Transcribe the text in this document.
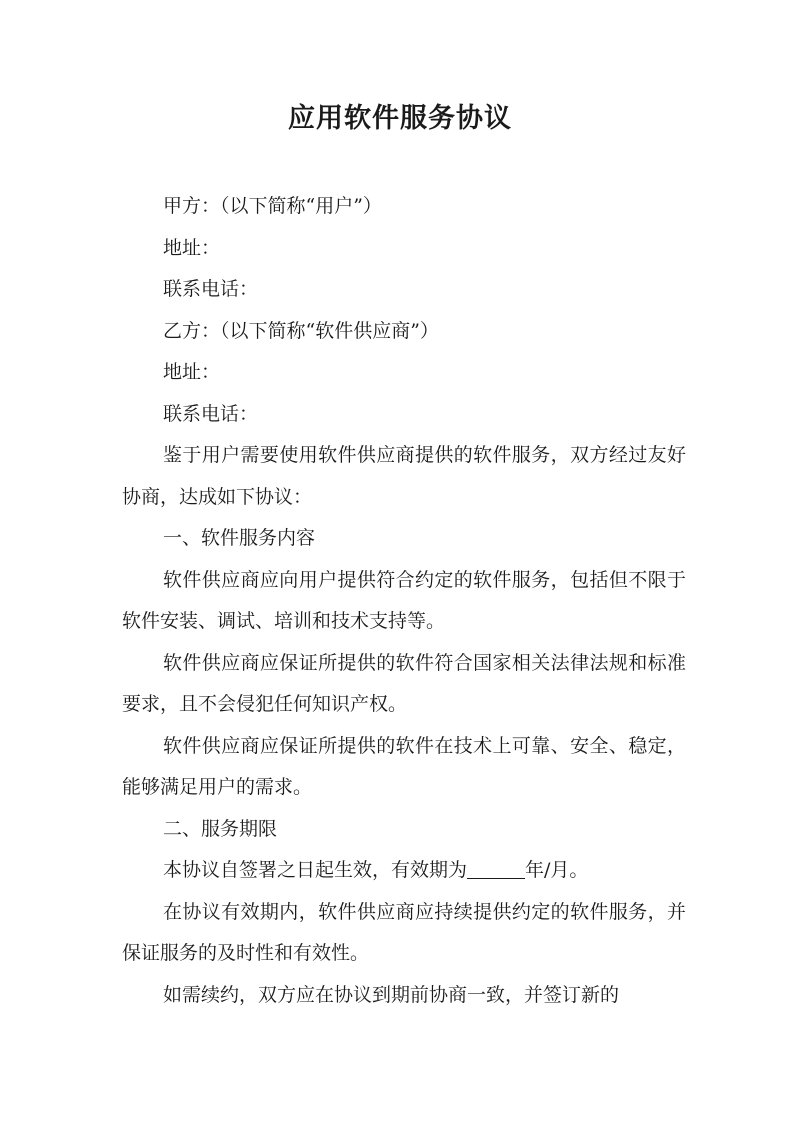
应用软件服务协议

甲方：（以下简称“用户”）

地址：

联系电话：

乙方：（以下简称“软件供应商”）

地址：

联系电话：

鉴于用户需要使用软件供应商提供的软件服务，双方经过友好协商，达成如下协议：

一、软件服务内容

软件供应商应向用户提供符合约定的软件服务，包括但不限于软件安装、调试、培训和技术支持等。

软件供应商应保证所提供的软件符合国家相关法律法规和标准要求，且不会侵犯任何知识产权。

软件供应商应保证所提供的软件在技术上可靠、安全、稳定，能够满足用户的需求。

二、服务期限

本协议自签署之日起生效，有效期为	年/月。

在协议有效期内，软件供应商应持续提供约定的软件服务，并保证服务的及时性和有效性。

如需续约，双方应在协议到期前协商一致，并签订新的
